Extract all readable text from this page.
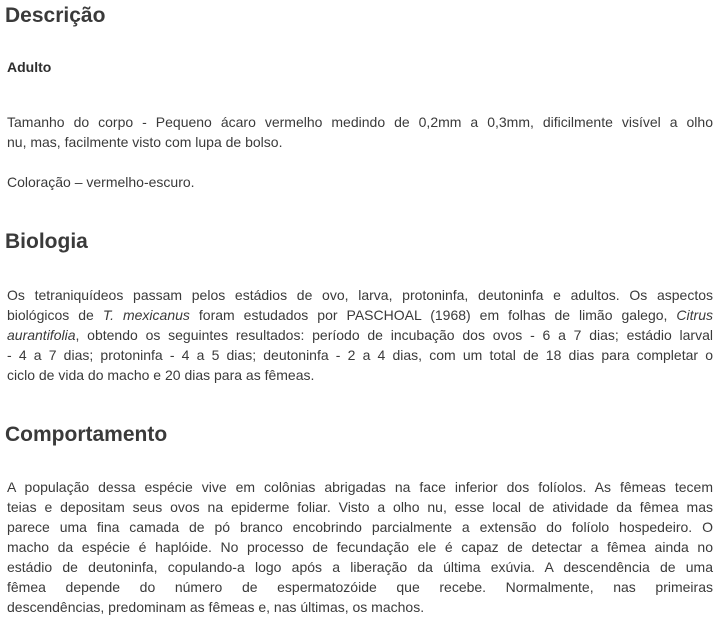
Descrição
Adulto
Tamanho do corpo - Pequeno ácaro vermelho medindo de 0,2mm a 0,3mm, dificilmente visível a olho
nu, mas, facilmente visto com lupa de bolso.
Coloração – vermelho-escuro.
Biologia
Os tetraniquídeos passam pelos estádios de ovo, larva, protoninfa, deutoninfa e adultos. Os aspectos
biológicos de T. mexicanus foram estudados por PASCHOAL (1968) em folhas de limão galego, Citrus
aurantifolia, obtendo os seguintes resultados: período de incubação dos ovos - 6 a 7 dias; estádio larval
- 4 a 7 dias; protoninfa - 4 a 5 dias; deutoninfa - 2 a 4 dias, com um total de 18 dias para completar o
ciclo de vida do macho e 20 dias para as fêmeas.
Comportamento
A população dessa espécie vive em colônias abrigadas na face inferior dos folíolos. As fêmeas tecem
teias e depositam seus ovos na epiderme foliar. Visto a olho nu, esse local de atividade da fêmea mas
parece uma fina camada de pó branco encobrindo parcialmente a extensão do folíolo hospedeiro. O
macho da espécie é haplóide. No processo de fecundação ele é capaz de detectar a fêmea ainda no
estádio de deutoninfa, copulando-a logo após a liberação da última exúvia. A descendência de uma
fêmea depende do número de espermatozóide que recebe. Normalmente, nas primeiras
descendências, predominam as fêmeas e, nas últimas, os machos.
